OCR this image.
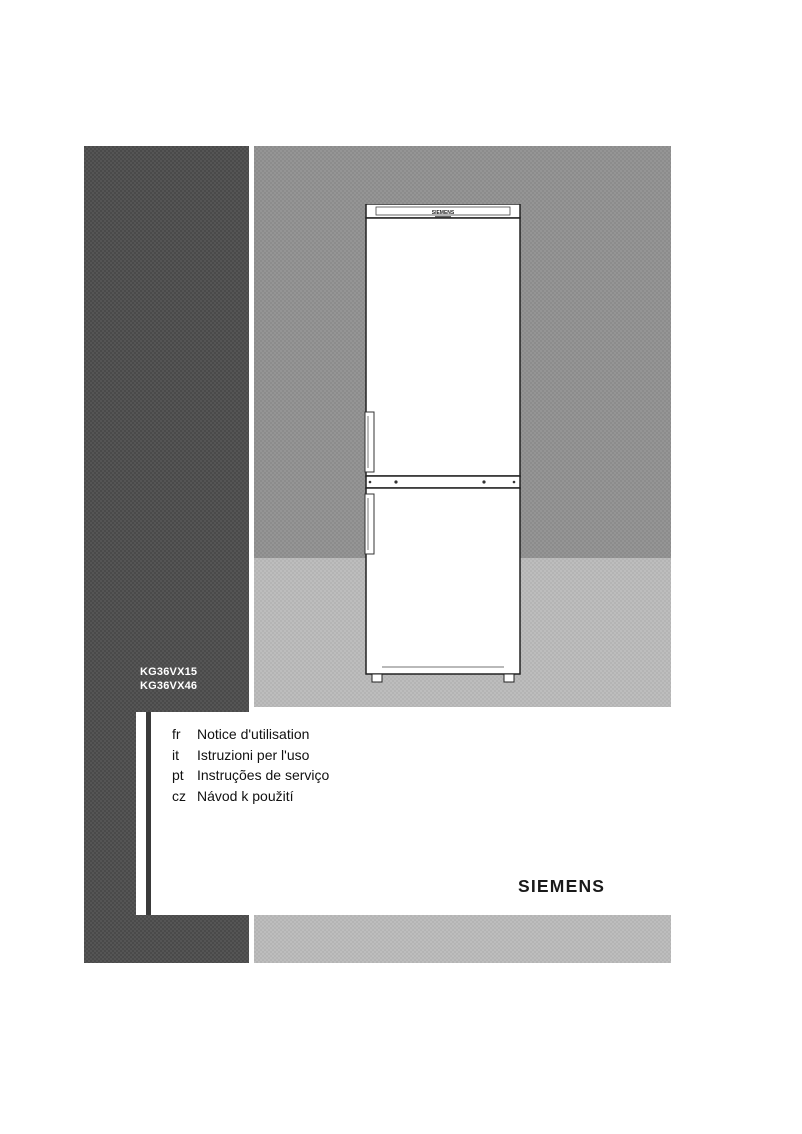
SIEMENS
KG36VX15
KG36VX46
fr	Notice d'utilisation
it	Istruzioni per l'uso
pt Instruções de serviço
cz Návod k použití
SIEMENS
